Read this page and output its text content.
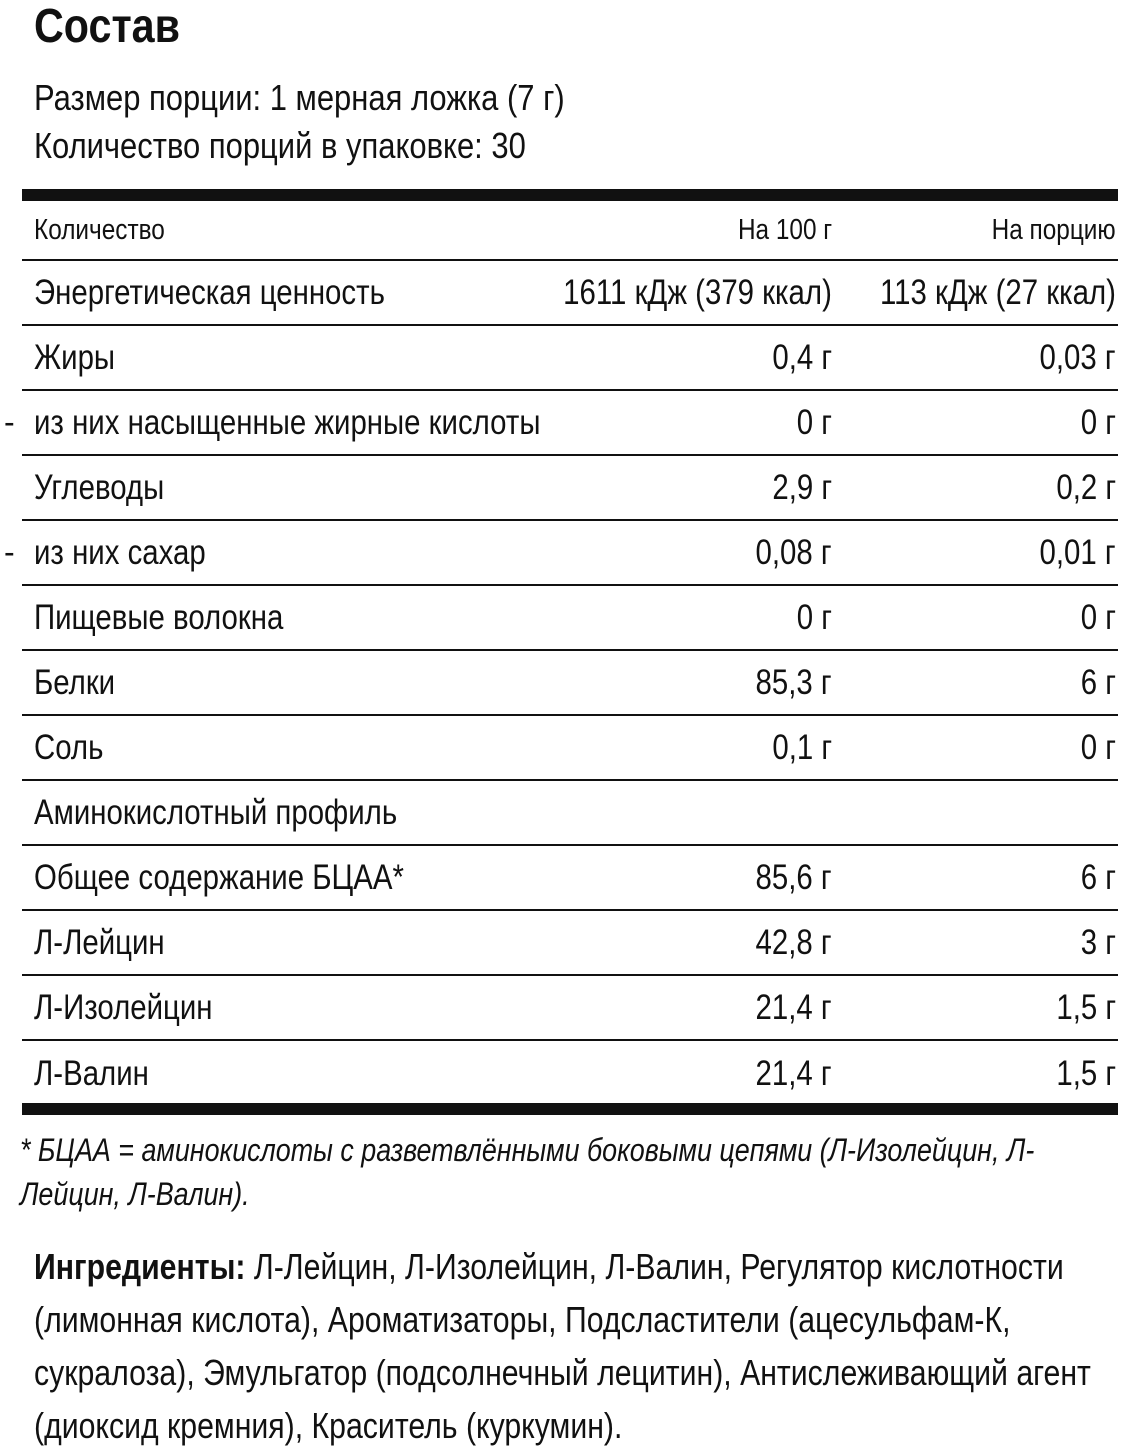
Состав
Размер порции: 1 мерная ложка (7 г)
Количество порций в упаковке: 30
Количество	На 100 г	На порцию
Энергетическая ценность	1611 кДж (379 ккал) 113 кДж (27 ккал)
Жиры	0,4 г	0,03 г
- из них насыщенные жирные кислоты	0 г	0 г
Углеводы	2,9 г	0,2 г
- из них сахар	0,08 г	0,01 г
Пищевые волокна	0 г	0 г
Белки	85,3 г	6 г
Соль	0,1 г	0 г
Аминокислотный профиль
Общее содержание БЦАА*	85,6 г	6 г
Л-Лейцин	42,8 г	3 г
Л-Изолейцин	21,4 г	1,5 г
Л-Валин	21,4 г	1,5 г
* БЦАА = аминокислоты с разветвлёнными боковыми цепями (Л-Изолейцин, Л-Лейцин, Л-Валин).
Ингредиенты: Л-Лейцин, Л-Изолейцин, Л-Валин, Регулятор кислотности (лимонная кислота), Ароматизаторы, Подсластители (ацесульфам-К, сукралоза), Эмульгатор (подсолнечный лецитин), Антислеживающий агент (диоксид кремния), Краситель (куркумин).
